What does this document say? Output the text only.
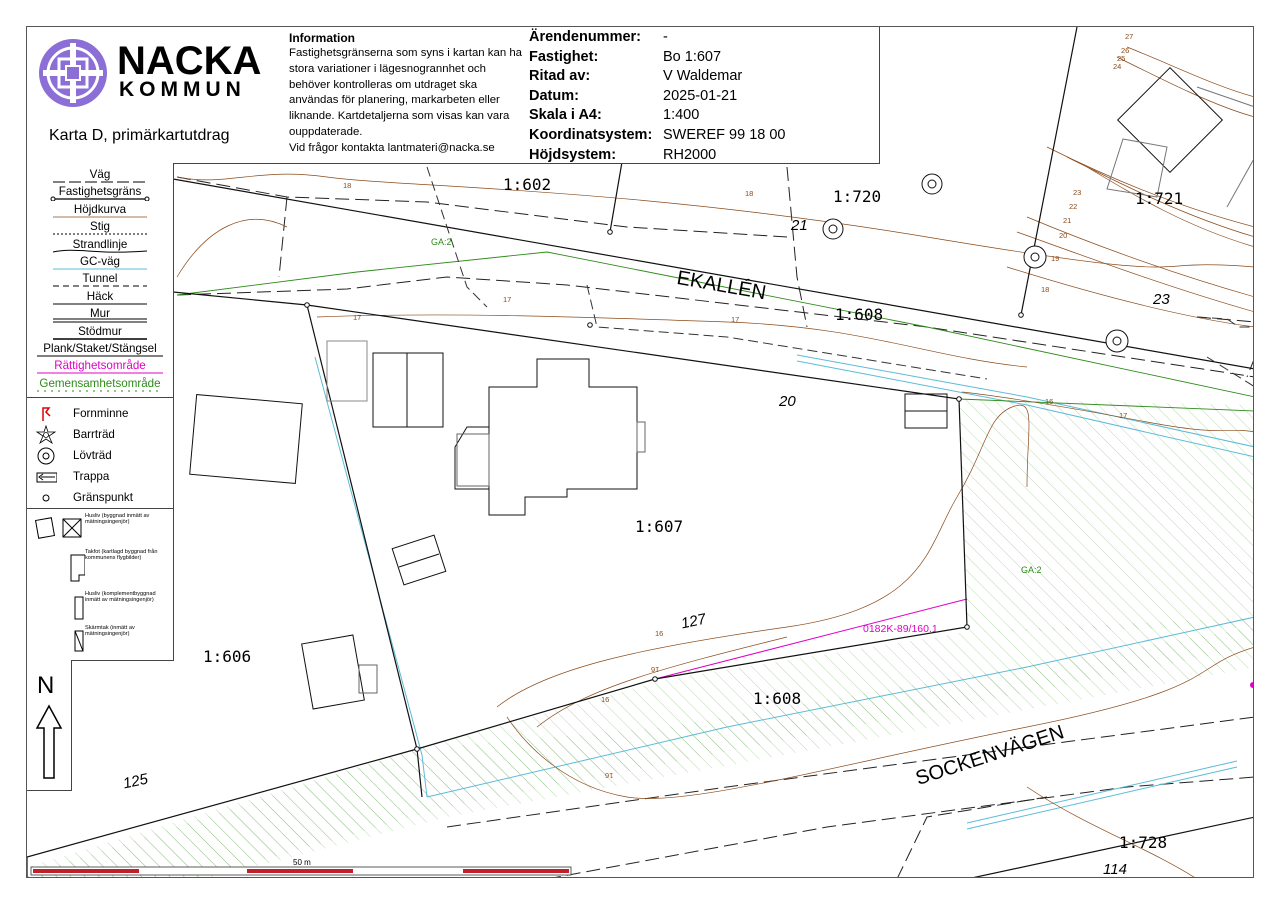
1:602
1:720	1:721
1:608
1:607
1:606
1:608
1:728
EKALLÉN
SOCKENVÄGEN
21
23
20
127
125
114
18
17
17
17
18
16
17
16
16
16
16
27
26
25
24
23
22
21
20
19
18
GA:2
GA:2
0182K-89/160.1
NACKA
KOMMUN
Karta D, primärkartutdrag
Information
Fastighetsgränserna som syns i kartan kan ha stora variationer i lägesnogrannhet och behöver kontrolleras om utdraget ska användas för planering, markarbeten eller liknande. Kartdetaljerna som visas kan vara ouppdaterade.
Vid frågor kontakta lantmateri@nacka.se
Ärendenummer: -
Fastighet:	Bo 1:607
Ritad av:	V Waldemar
Datum:	2025-01-21
Skala i A4:	1:400
Koordinatsystem: SWEREF 99 18 00
Höjdsystem:	RH2000
Väg
Fastighetsgräns
Höjdkurva
Stig
Strandlinje
GC-väg
Tunnel
Häck
Mur
Stödmur
Plank/Staket/Stängsel
Rättighetsområde
Gemensamhetsområde
Fornminne
Barrträd
Lövträd
Trappa
Gränspunkt
Husliv (byggnad inmätt av mätningsingenjör)
Takfot (kartlagd byggnad från kommunens flygbilder)
Husliv (komplementbyggnad inmätt av mätningsingenjör)
Skärmtak (inmätt av mätningsingenjör)
N
50 m
